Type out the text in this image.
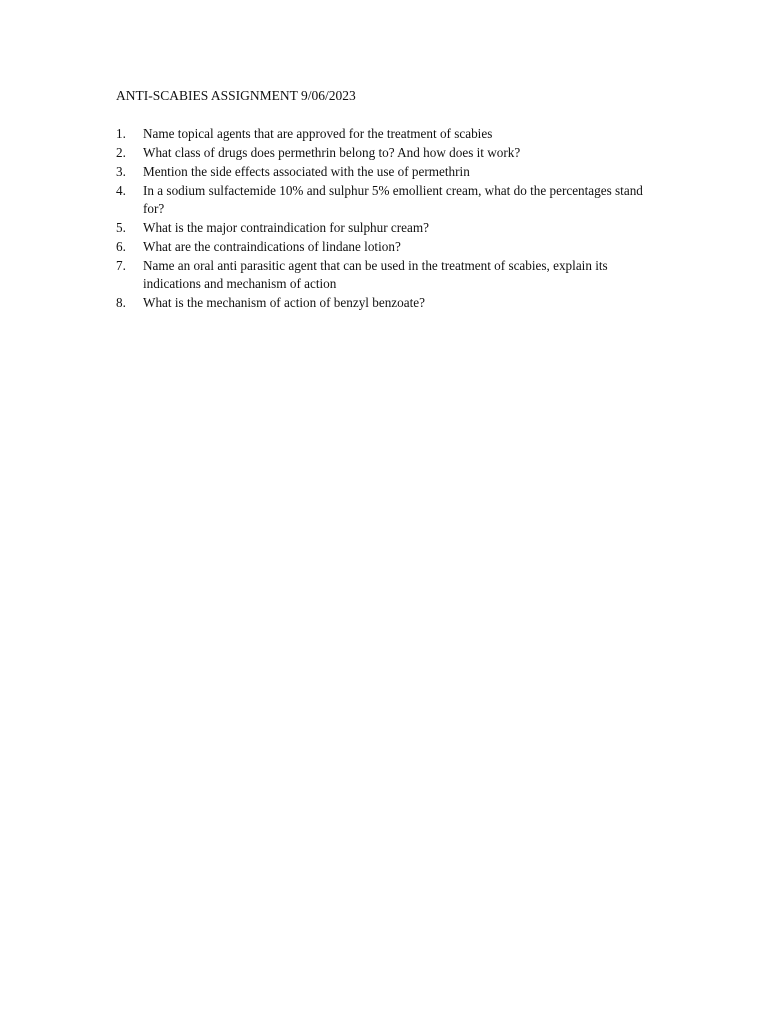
ANTI-SCABIES ASSIGNMENT 9/06/2023
1. Name topical agents that are approved for the treatment of scabies
2. What class of drugs does permethrin belong to? And how does it work?
3. Mention the side effects associated with the use of permethrin
4. In a sodium sulfactemide 10% and sulphur 5% emollient cream, what do the percentages stand for?
5. What is the major contraindication for sulphur cream?
6. What are the contraindications of lindane lotion?
7. Name an oral anti parasitic agent that can be used in the treatment of scabies, explain its indications and mechanism of action
8. What is the mechanism of action of benzyl benzoate?
